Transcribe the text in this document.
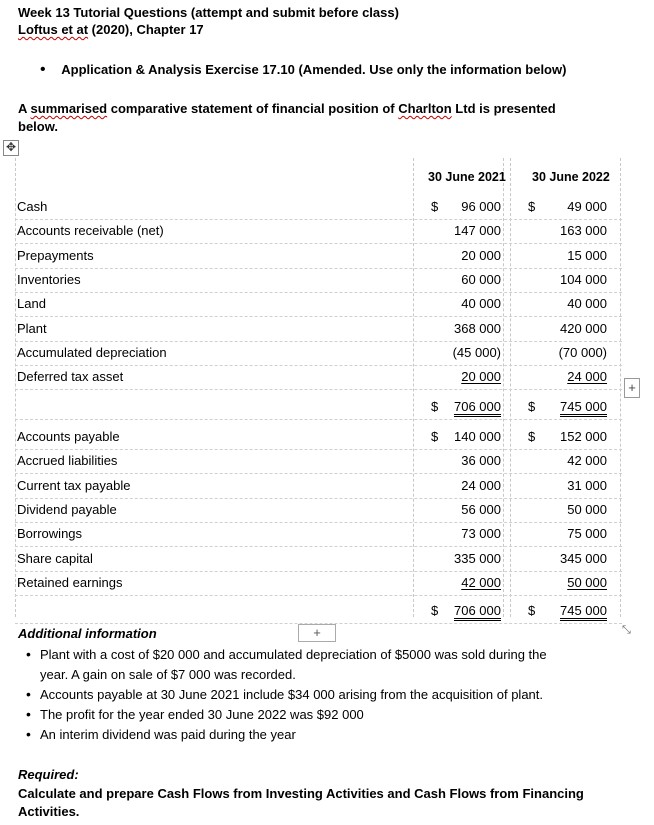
Week 13 Tutorial Questions (attempt and submit before class)
Loftus et at (2020), Chapter 17
• Application & Analysis Exercise 17.10 (Amended. Use only the information below)
A summarised comparative statement of financial position of Charlton Ltd is presented
below.
✥
30 June 2021 30 June 2022
Cash	$	96 000 $	49 000
Accounts receivable (net)	147 000	163 000
Prepayments	20 000	15 000
Inventories	60 000	104 000
Land	40 000	40 000
Plant	368 000	420 000
Accumulated depreciation	(45 000)	(70 000)
Deferred tax asset	20 000	24 000
$	706 000 $	745 000
Accounts payable	$	140 000 $	152 000
Accrued liabilities	36 000	42 000
Current tax payable	24 000	31 000
Dividend payable	56 000	50 000
Borrowings	73 000	75 000
Share capital	335 000	345 000
Retained earnings	42 000	50 000
$	706 000 $	745 000
+
Additional information	+	⤡
• Plant with a cost of $20 000 and accumulated depreciation of $5000 was sold during the
year. A gain on sale of $7 000 was recorded.
• Accounts payable at 30 June 2021 include $34 000 arising from the acquisition of plant.
• The profit for the year ended 30 June 2022 was $92 000
• An interim dividend was paid during the year
Required:
Calculate and prepare Cash Flows from Investing Activities and Cash Flows from Financing
Activities.
